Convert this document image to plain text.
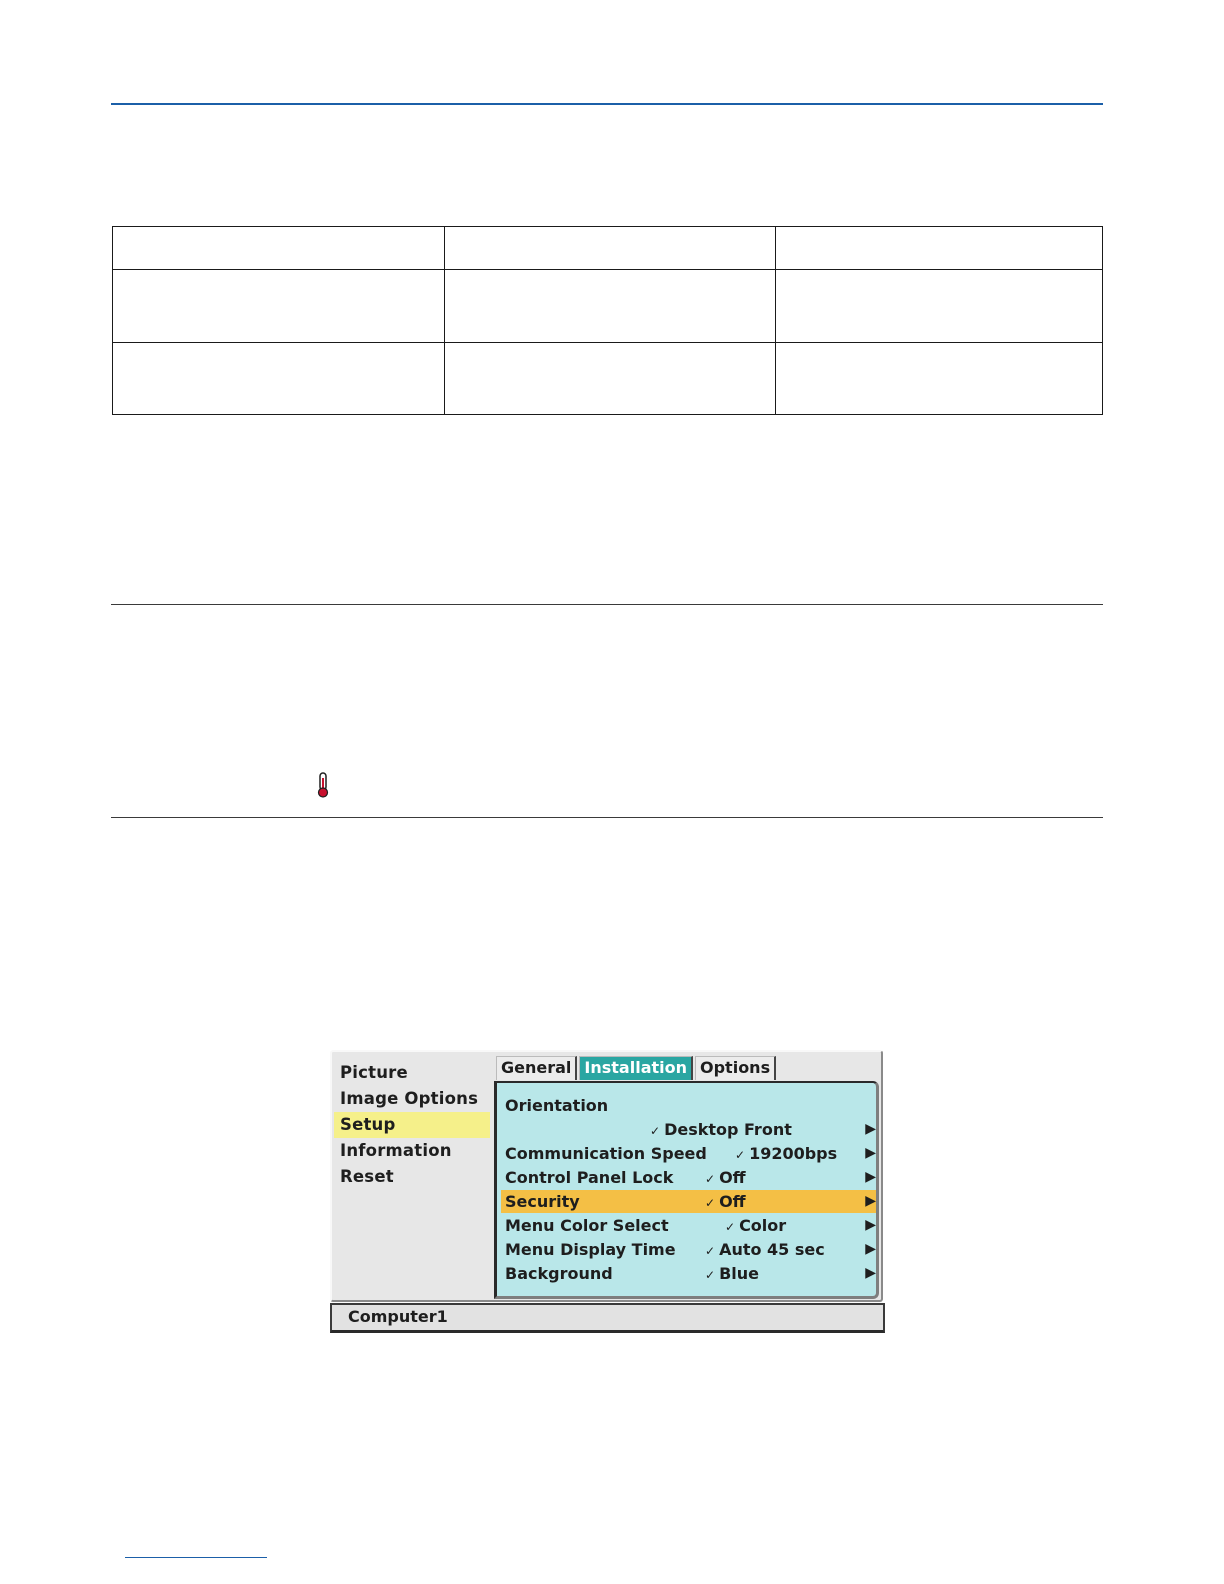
Picture
Image Options
Setup
Information
Reset
General Installation Options
Orientation
✓ Desktop Front	▶
Communication Speed ✓ 19200bps ▶
Control Panel Lock	✓ Off	▶
Security	✓ Off	▶
Menu Color Select	✓ Color	▶
Menu Display Time ✓ Auto 45 sec	▶
Background	✓ Blue	▶
Computer1
